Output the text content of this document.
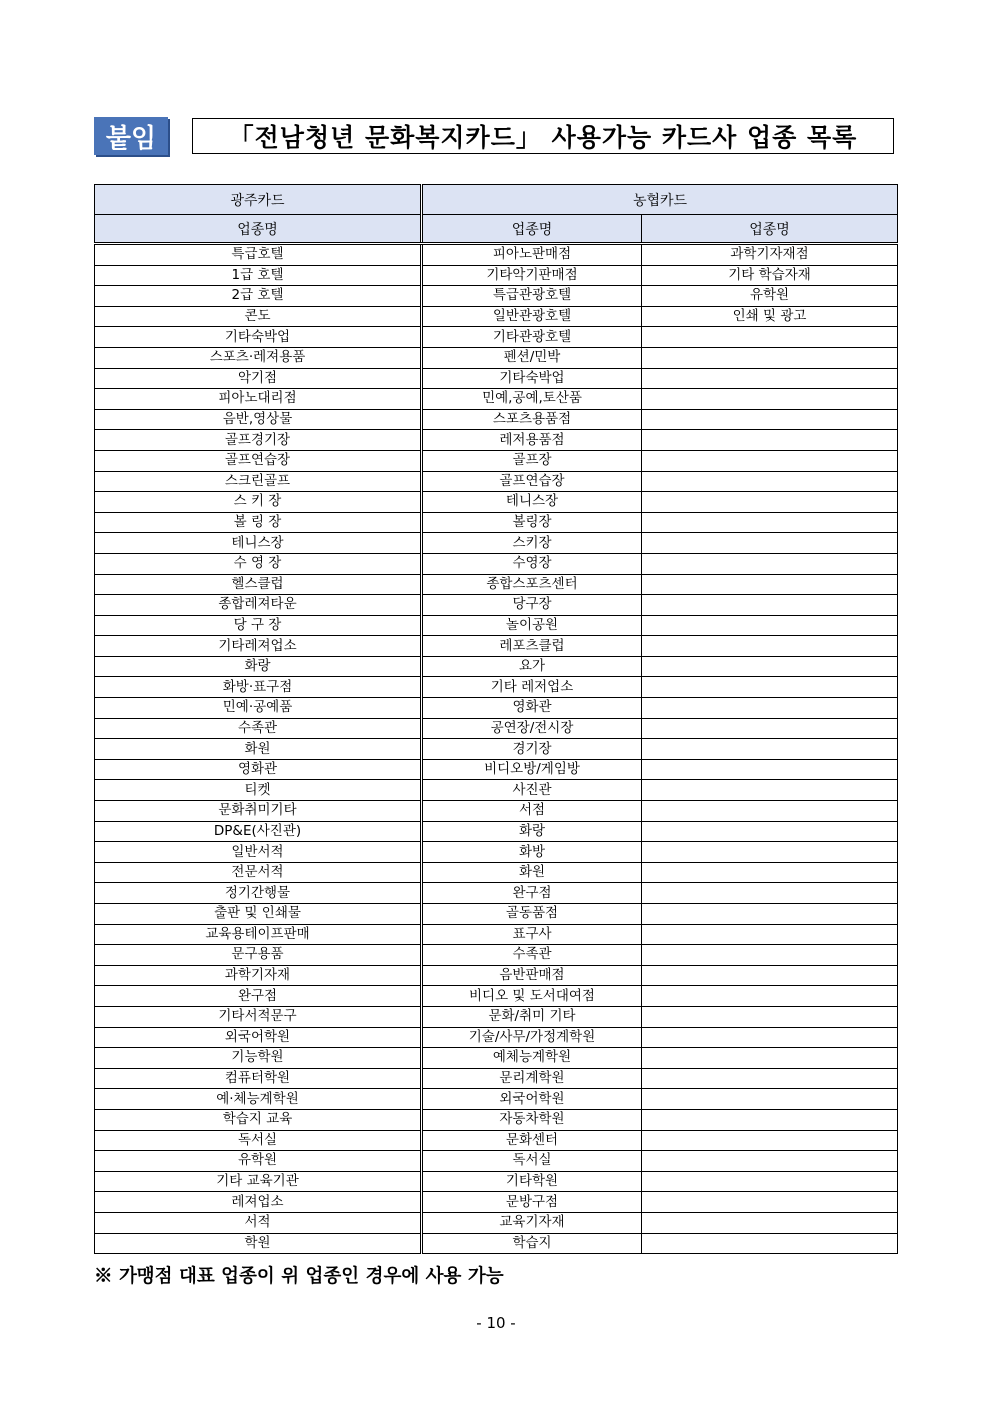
붙임	「전남청년 문화복지카드」 사용가능 카드사 업종 목록
광주카드	농협카드	
업종명	업종명	업종명
특급호텔	피아노판매점	과학기자재점
1급 호텔	기타악기판매점	기타 학습자재
2급 호텔	특급관광호텔	유학원
콘도	일반관광호텔	인쇄 및 광고
기타숙박업	기타관광호텔	
스포츠·레져용품	펜션/민박	
악기점	기타숙박업	
피아노대리점	민예,공예,토산품	
음반,영상물	스포츠용품점	
골프경기장	레저용품점	
골프연습장	골프장	
스크린골프	골프연습장	
스 키 장	테니스장	
볼 링 장	볼링장	
테니스장	스키장	
수 영 장	수영장	
헬스클럽	종합스포츠센터	
종합레져타운	당구장	
당 구 장	놀이공원	
기타레져업소	레포츠클럽	
화랑	요가	
화방·표구점	기타 레저업소	
민예·공예품	영화관	
수족관	공연장/전시장	
화원	경기장	
영화관	비디오방/게임방	
티켓	사진관	
문화취미기타	서점	
DP&E(사진관)	화랑	
일반서적	화방	
전문서적	화원	
정기간행물	완구점	
출판 및 인쇄물	골동품점	
교육용테이프판매	표구사	
문구용품	수족관	
과학기자재	음반판매점	
완구점	비디오 및 도서대여점	
기타서적문구	문화/취미 기타	
외국어학원	기술/사무/가정계학원	
기능학원	예체능계학원	
컴퓨터학원	문리계학원	
예·체능계학원	외국어학원	
학습지 교육	자동차학원	
독서실	문화센터	
유학원	독서실	
기타 교육기관	기타학원	
레져업소	문방구점	
서적	교육기자재	
학원	학습지	
※ 가맹점 대표 업종이 위 업종인 경우에 사용 가능
- 10 -
